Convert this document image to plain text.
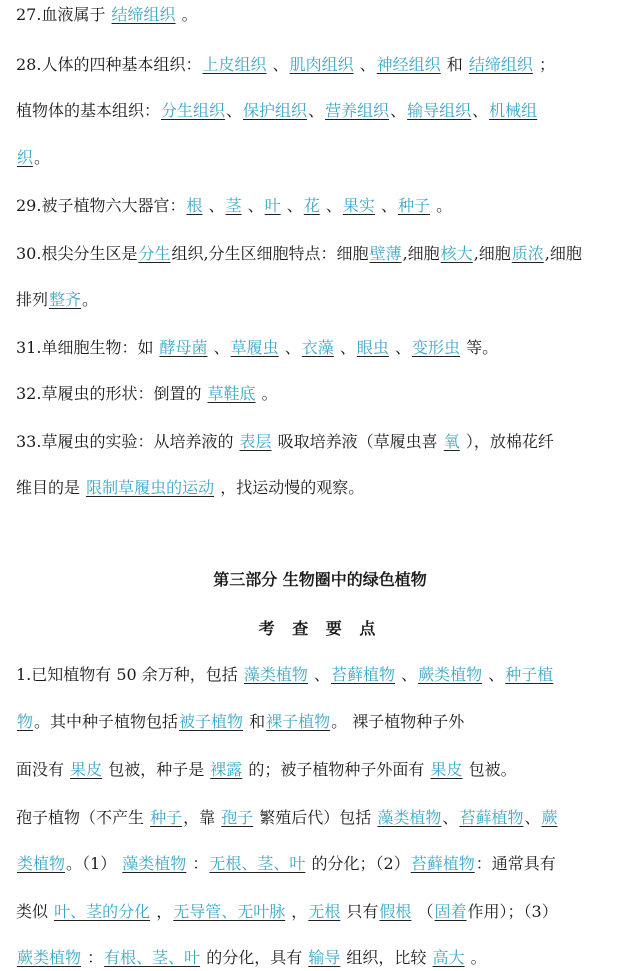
27.血液属于 结缔组织 。
28.人体的四种基本组织：上皮组织 、肌肉组织 、神经组织 和 结缔组织 ；
植物体的基本组织：分生组织、保护组织、营养组织、输导组织、机械组
织。
29.被子植物六大器官：根 、茎 、叶 、花 、果实 、种子 。
30.根尖分生区是分生组织,分生区细胞特点：细胞壁薄,细胞核大,细胞质浓,细胞
排列整齐。
31.单细胞生物：如 酵母菌 、草履虫 、衣藻 、眼虫 、变形虫 等。
32.草履虫的形状：倒置的 草鞋底 。
33.草履虫的实验：从培养液的 表层 吸取培养液（草履虫喜 氧 ），放棉花纤
维目的是 限制草履虫的运动 ，找运动慢的观察。
1.已知植物有 50 余万种，包括 藻类植物 、苔藓植物 、蕨类植物 、种子植
物。其中种子植物包括被子植物 和裸子植物。 裸子植物种子外
面没有 果皮 包被，种子是 裸露 的；被子植物种子外面有 果皮 包被。
孢子植物（不产生 种子，靠 孢子 繁殖后代）包括 藻类植物、苔藓植物、蕨
类植物。（1） 藻类植物 ：无根、茎、叶 的分化；（2）苔藓植物：通常具有
类似 叶、茎的分化 ，无导管、无叶脉 ，无根 只有假根 （固着作用）；（3）
蕨类植物 ：有根、茎、叶 的分化，具有 输导 组织，比较 高大 。
第三部分 生物圈中的绿色植物
考 查 要 点
